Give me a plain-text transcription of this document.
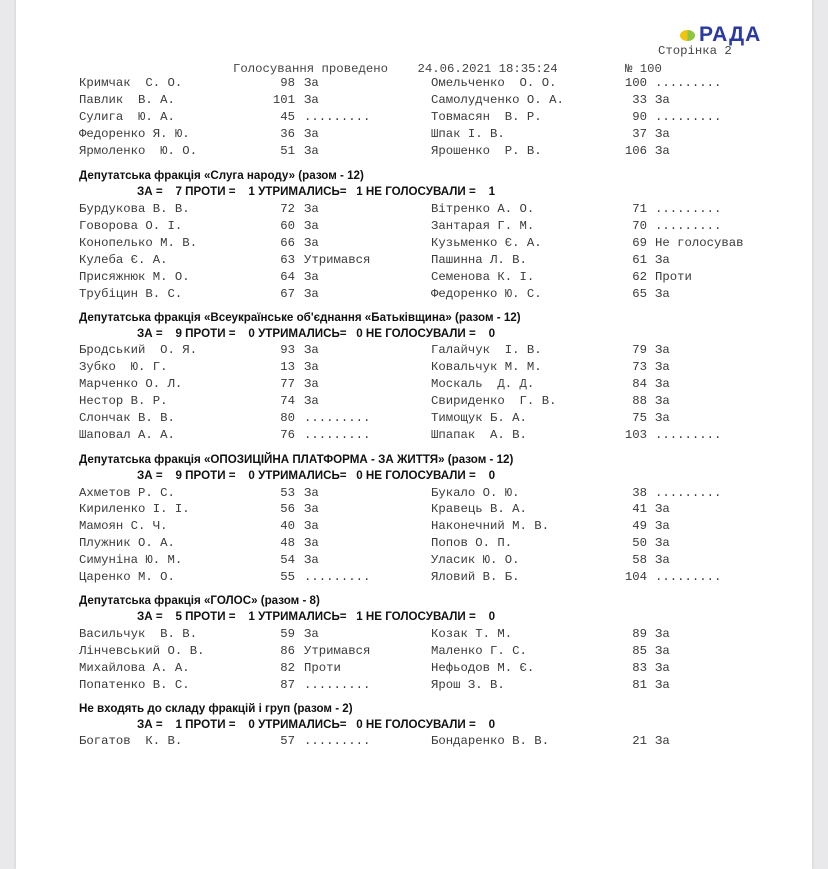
РАДА
Сторінка 2
Голосування проведено    24.06.2021 18:35:24	№ 100
Кримчак  С. О.	98 За	Омельченко  О. О.	100 .........
Павлик  В. А.	101 За	Самолудченко О. А.	33 За
Сулига  Ю. А.	45 .........	Товмасян  В. Р.	90 .........
Федоренко Я. Ю.	36 За	Шпак І. В.	37 За
Ярмоленко  Ю. О.	51 За	Ярошенко  Р. В.	106 За
Депутатська фракція «Слуга народу» (разом - 12)
ЗА =    7 ПРОТИ =    1 УТРИМАЛИСЬ=   1 НЕ ГОЛОСУВАЛИ =    1
Бурдукова В. В.	72 За	Вітренко А. О.	71 .........
Говорова О. І.	60 За	Зантарая Г. М.	70 .........
Конопелько М. В.	66 За	Кузьменко Є. А.	69 Не голосував
Кулеба Є. А.	63 Утримався	Пашинна Л. В.	61 За
Присяжнюк М. О.	64 За	Семенова К. І.	62 Проти
Трубіцин В. С.	67 За	Федоренко Ю. С.	65 За
Депутатська фракція «Всеукраїнське об'єднання «Батьківщина» (разом - 12)
ЗА =    9 ПРОТИ =    0 УТРИМАЛИСЬ=   0 НЕ ГОЛОСУВАЛИ =    0
Бродський  О. Я.	93 За	Галайчук  І. В.	79 За
Зубко  Ю. Г.	13 За	Ковальчук М. М.	73 За
Марченко О. Л.	77 За	Москаль  Д. Д.	84 За
Нестор В. Р.	74 За	Свириденко  Г. В.	88 За
Слончак В. В.	80 .........	Тимощук Б. А.	75 За
Шаповал А. А.	76 .........	Шпапак  А. В.	103 .........
Депутатська фракція «ОПОЗИЦІЙНА ПЛАТФОРМА - ЗА ЖИТТЯ» (разом - 12)
ЗА =    9 ПРОТИ =    0 УТРИМАЛИСЬ=   0 НЕ ГОЛОСУВАЛИ =    0
Ахметов Р. С.	53 За	Букало О. Ю.	38 .........
Кириленко І. І.	56 За	Кравець В. А.	41 За
Мамоян С. Ч.	40 За	Наконечний М. В.	49 За
Плужник О. А.	48 За	Попов О. П.	50 За
Симуніна Ю. М.	54 За	Уласик Ю. О.	58 За
Царенко М. О.	55 .........	Яловий В. Б.	104 .........
Депутатська фракція «ГОЛОС» (разом - 8)
ЗА =    5 ПРОТИ =    1 УТРИМАЛИСЬ=   1 НЕ ГОЛОСУВАЛИ =    0
Васильчук  В. В.	59 За	Козак Т. М.	89 За
Лінчевський О. В.	86 Утримався	Маленко Г. С.	85 За
Михайлова А. А.	82 Проти	Нефьодов М. Є.	83 За
Попатенко В. С.	87 .........	Ярош З. В.	81 За
Не входять до складу фракцій і груп (разом - 2)
ЗА =    1 ПРОТИ =    0 УТРИМАЛИСЬ=   0 НЕ ГОЛОСУВАЛИ =    0
Богатов  К. В.	57 .........	Бондаренко В. В.	21 За
